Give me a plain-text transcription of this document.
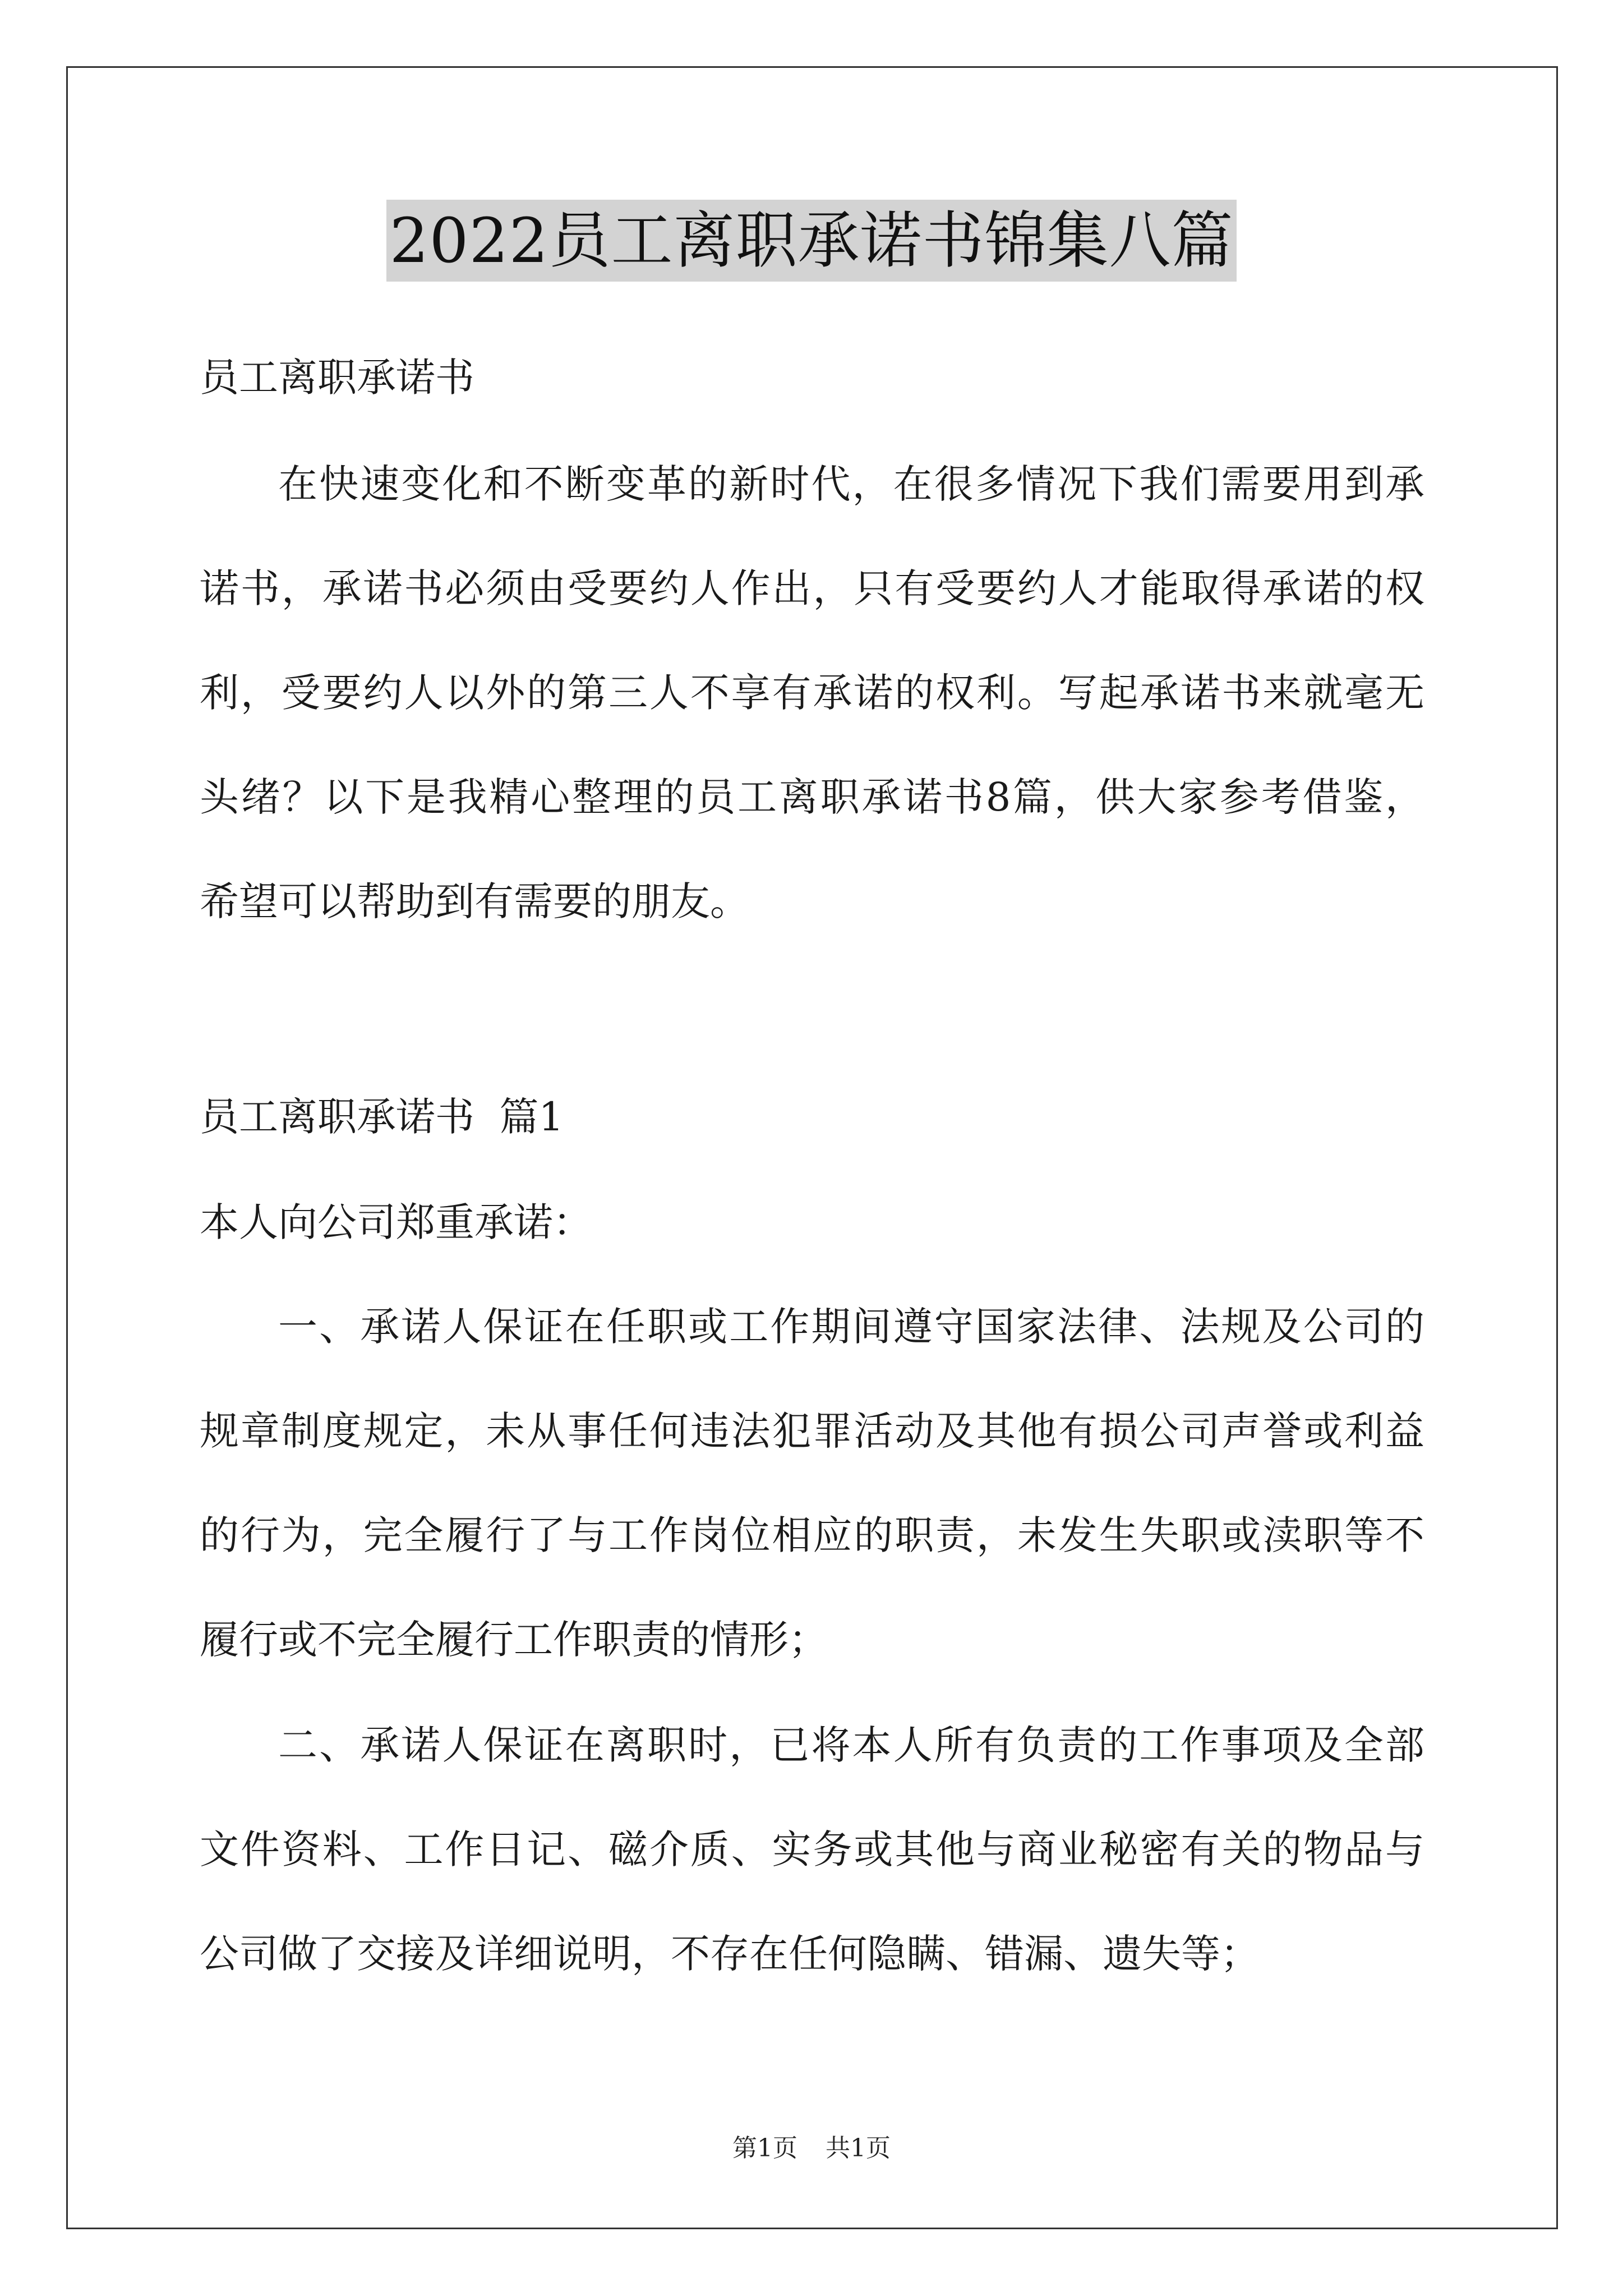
2022员工离职承诺书锦集八篇
员工离职承诺书
在快速变化和不断变革的新时代，在很多情况下我们需要用到承
诺书，承诺书必须由受要约人作出，只有受要约人才能取得承诺的权
利，受要约人以外的第三人不享有承诺的权利。写起承诺书来就毫无
头绪？以下是我精心整理的员工离职承诺书8篇，供大家参考借鉴，
希望可以帮助到有需要的朋友。
员工离职承诺书  篇1
本人向公司郑重承诺：
一、承诺人保证在任职或工作期间遵守国家法律、法规及公司的
规章制度规定，未从事任何违法犯罪活动及其他有损公司声誉或利益
的行为，完全履行了与工作岗位相应的职责，未发生失职或渎职等不
履行或不完全履行工作职责的情形；
二、承诺人保证在离职时，已将本人所有负责的工作事项及全部
文件资料、工作日记、磁介质、实务或其他与商业秘密有关的物品与
公司做了交接及详细说明，不存在任何隐瞒、错漏、遗失等；
第1页 共1页
